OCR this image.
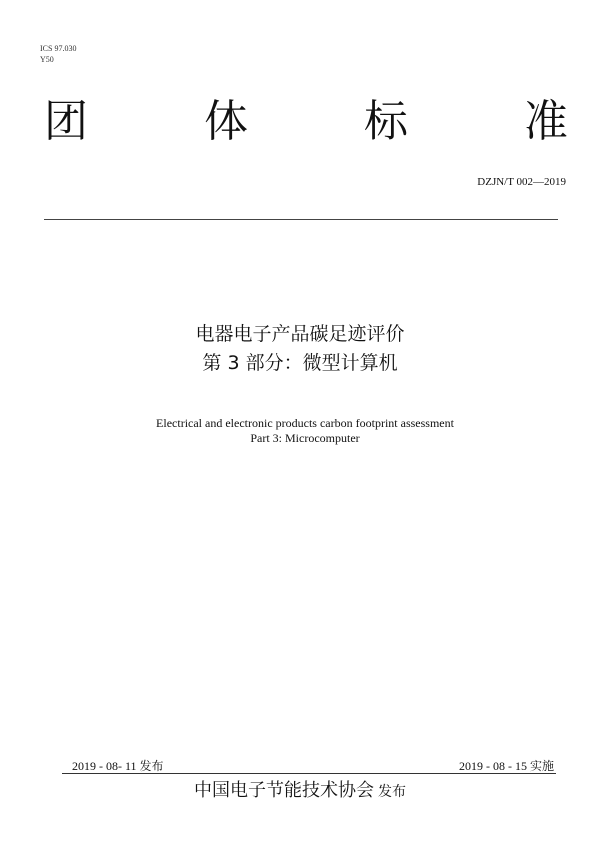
ICS 97.030
Y50
团	体	标	准
DZJN/T 002—2019
电器电子产品碳足迹评价
第 3 部分：微型计算机
Electrical and electronic products carbon footprint assessment
Part 3: Microcomputer
2019 - 08- 11 发布	2019 - 08 - 15 实施
中国电子节能技术协会 发布
